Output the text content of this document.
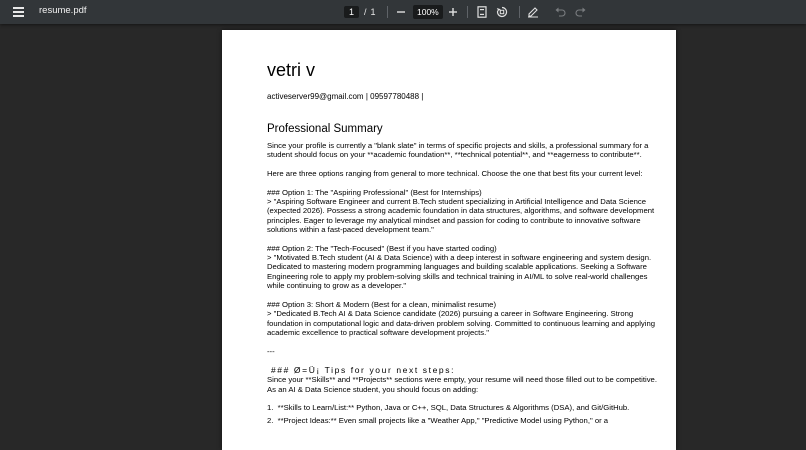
resume.pdf	1	/ 1	100%
vetri v
activeserver99@gmail.com | 09597780488 |
Professional Summary

Since your profile is currently a "blank slate" in terms of specific projects and skills, a professional summary for a student should focus on your **academic foundation**, **technical potential**, and **eagerness to contribute**.

Here are three options ranging from general to more technical. Choose the one that best fits your current level:

### Option 1: The "Aspiring Professional" (Best for Internships)
> "Aspiring Software Engineer and current B.Tech student specializing in Artificial Intelligence and Data Science (expected 2026). Possess a strong academic foundation in data structures, algorithms, and software development principles. Eager to leverage my analytical mindset and passion for coding to contribute to innovative software solutions within a fast-paced development team."

### Option 2: The "Tech-Focused" (Best if you have started coding)
> "Motivated B.Tech student (AI & Data Science) with a deep interest in software engineering and system design. Dedicated to mastering modern programming languages and building scalable applications. Seeking a Software Engineering role to apply my problem-solving skills and technical training in AI/ML to solve real-world challenges while continuing to grow as a developer."

### Option 3: Short & Modern (Best for a clean, minimalist resume)
> "Dedicated B.Tech AI & Data Science candidate (2026) pursuing a career in Software Engineering. Strong foundation in computational logic and data-driven problem solving. Committed to continuous learning and applying academic excellence to practical software development projects."

---

### Ø=Ü¡ Tips for your next steps:

Since your **Skills** and **Projects** sections were empty, your resume will need those filled out to be competitive. As an AI & Data Science student, you should focus on adding:

1.  **Skills to Learn/List:** Python, Java or C++, SQL, Data Structures & Algorithms (DSA), and Git/GitHub.

2.  **Project Ideas:** Even small projects like a "Weather App," "Predictive Model using Python," or a
